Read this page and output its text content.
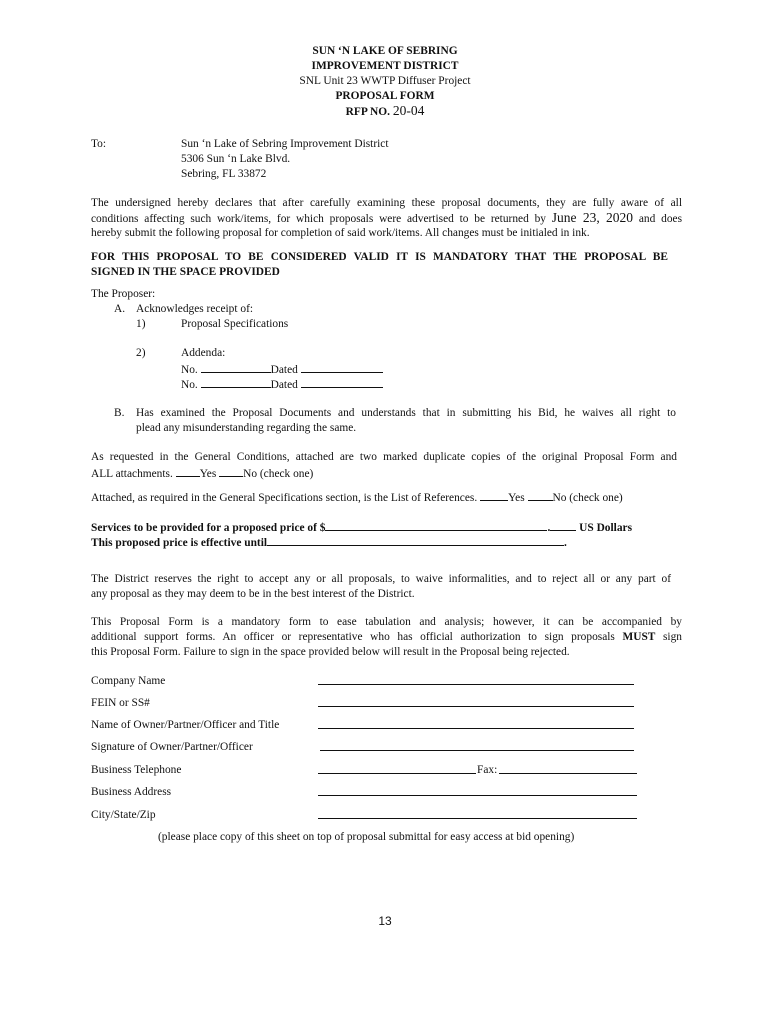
SUN ‘N LAKE OF SEBRING
IMPROVEMENT DISTRICT
SNL Unit 23 WWTP Diffuser Project
PROPOSAL FORM
RFP NO. 20-04
To:	Sun ‘n Lake of Sebring Improvement District
5306 Sun ‘n Lake Blvd.
Sebring, FL 33872
The undersigned hereby declares that after carefully examining these proposal documents, they are fully aware of all
conditions affecting such work/items, for which proposals were advertised to be returned by June 23, 2020 and does
hereby submit the following proposal for completion of said work/items. All changes must be initialed in ink.
FOR THIS PROPOSAL TO BE CONSIDERED VALID IT IS MANDATORY THAT THE PROPOSAL BE
SIGNED IN THE SPACE PROVIDED
The Proposer:
A. Acknowledges receipt of:
1)	Proposal Specifications
2)	Addenda:
No.	Dated
No.	Dated
B. Has examined the Proposal Documents and understands that in submitting his Bid, he waives all right to
plead any misunderstanding regarding the same.
As requested in the General Conditions, attached are two marked duplicate copies of the original Proposal Form and
ALL attachments. Yes No (check one)
Attached, as required in the General Specifications section, is the List of References.	Yes No (check one)
Services to be provided for a proposed price of $	.	US Dollars
This proposed price is effective until	.
The District reserves the right to accept any or all proposals, to waive informalities, and to reject all or any part of
any proposal as they may deem to be in the best interest of the District.
This Proposal Form is a mandatory form to ease tabulation and analysis; however, it can be accompanied by
additional support forms. An officer or representative who has official authorization to sign proposals MUST sign
this Proposal Form. Failure to sign in the space provided below will result in the Proposal being rejected.
Company Name
FEIN or SS#
Name of Owner/Partner/Officer and Title
Signature of Owner/Partner/Officer
Business Telephone	Fax:
Business Address
City/State/Zip
(please place copy of this sheet on top of proposal submittal for easy access at bid opening)
13
